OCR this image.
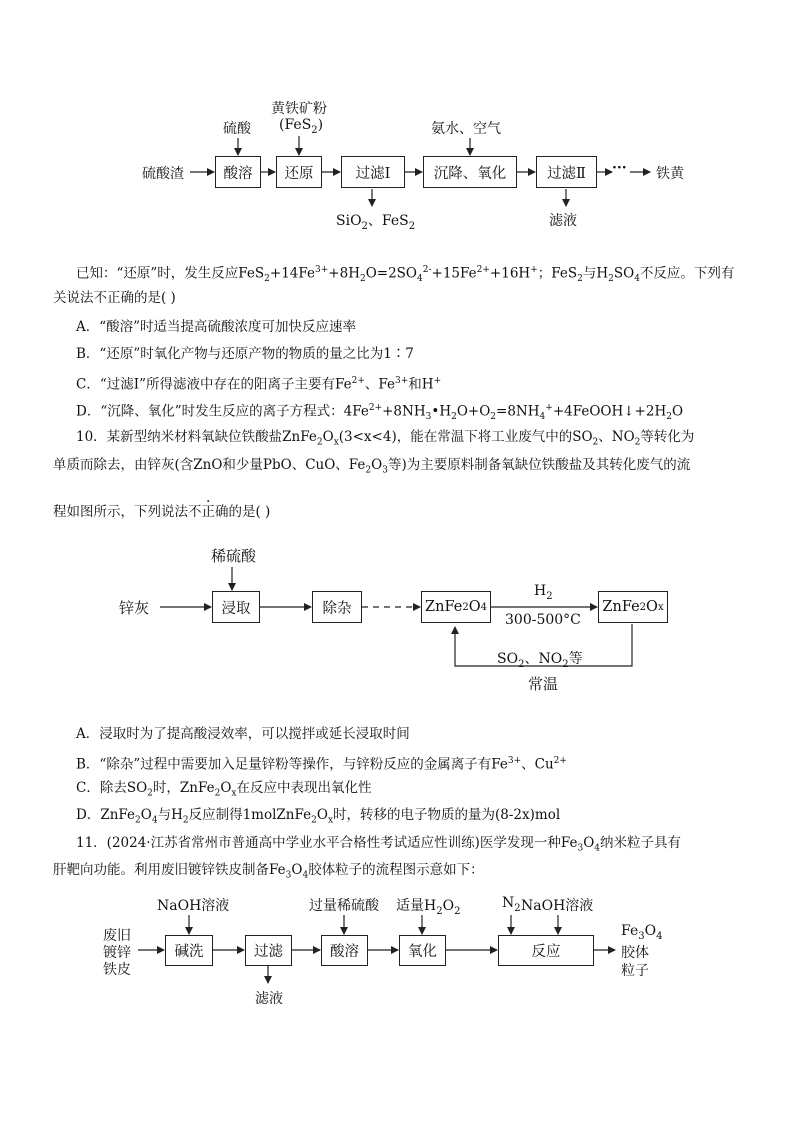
硫酸渣
硫酸
黄铁矿粉
(FeS$_2$)	氨水、空气
酸溶	还原	过滤Ⅰ	沉降、氧化	过滤Ⅱ	··· 铁黄
SiO$_2$、FeS$_2$	滤液
已知：“还原”时，发生反应$FeS_2+14Fe^{3+}+8H_2O=2SO_4^{2-}+15Fe^{2+}+16H^+$；FeS$_2$与$H_2SO_4$不反应。下列有
关说法不正确的是( )
A．“酸溶”时适当提高硫酸浓度可加快反应速率
B．“还原”时氧化产物与还原产物的物质的量之比为1∶7
C．“过滤Ⅰ”所得滤液中存在的阳离子主要有$Fe^{2+}$、$Fe^{3+}$和H+
D．“沉降、氧化”时发生反应的离子方程式：$4Fe^{2+}+8NH_3•H_2O+O_2=8NH_4^++4FeOOH↓+2H_2O$
10．某新型纳米材料氧缺位铁酸盐$ZnFe_2O_x(3<x<4)$，能在常温下将工业废气中的$SO_2$、$NO_2$等转化为
单质而除去，由锌灰(含ZnO和少量PbO、CuO、$Fe_2O_3$等)为主要原料制备氧缺位铁酸盐及其转化废气的流
程如图所示，下列说法不正确的是( )
稀硫酸
锌灰	浸取	除杂	ZnFe 2 O 4	ZnFe 2 O x
$H_2$
300-500°C
$SO_2$、$NO_2$等
常温
A．浸取时为了提高酸浸效率，可以搅拌或延长浸取时间
B．“除杂”过程中需要加入足量锌粉等操作，与锌粉反应的金属离子有$Fe^{3+}$、$Cu^{2+}$
C．除去$SO_2$时，$ZnFe_2O_x$在反应中表现出氧化性
D．$ZnFe_2O_4$与$H_2$反应制得$1molZnFe_2O_x$时，转移的电子物质的量为(8-2x)mol
11．(2024·江苏省常州市普通高中学业水平合格性考试适应性训练)医学发现一种$Fe_3O_4$纳米粒子具有
肝靶向功能。利用废旧镀锌铁皮制备$Fe_3O_4$胶体粒子的流程图示意如下：
废旧
镀锌
铁皮
NaOH溶液	过量稀硫酸 适量$H_2O_2$
$N_2$ NaOH溶液
碱洗	过滤	酸溶	氧化	反应
滤液
$Fe_3O_4$
胶体
粒子
